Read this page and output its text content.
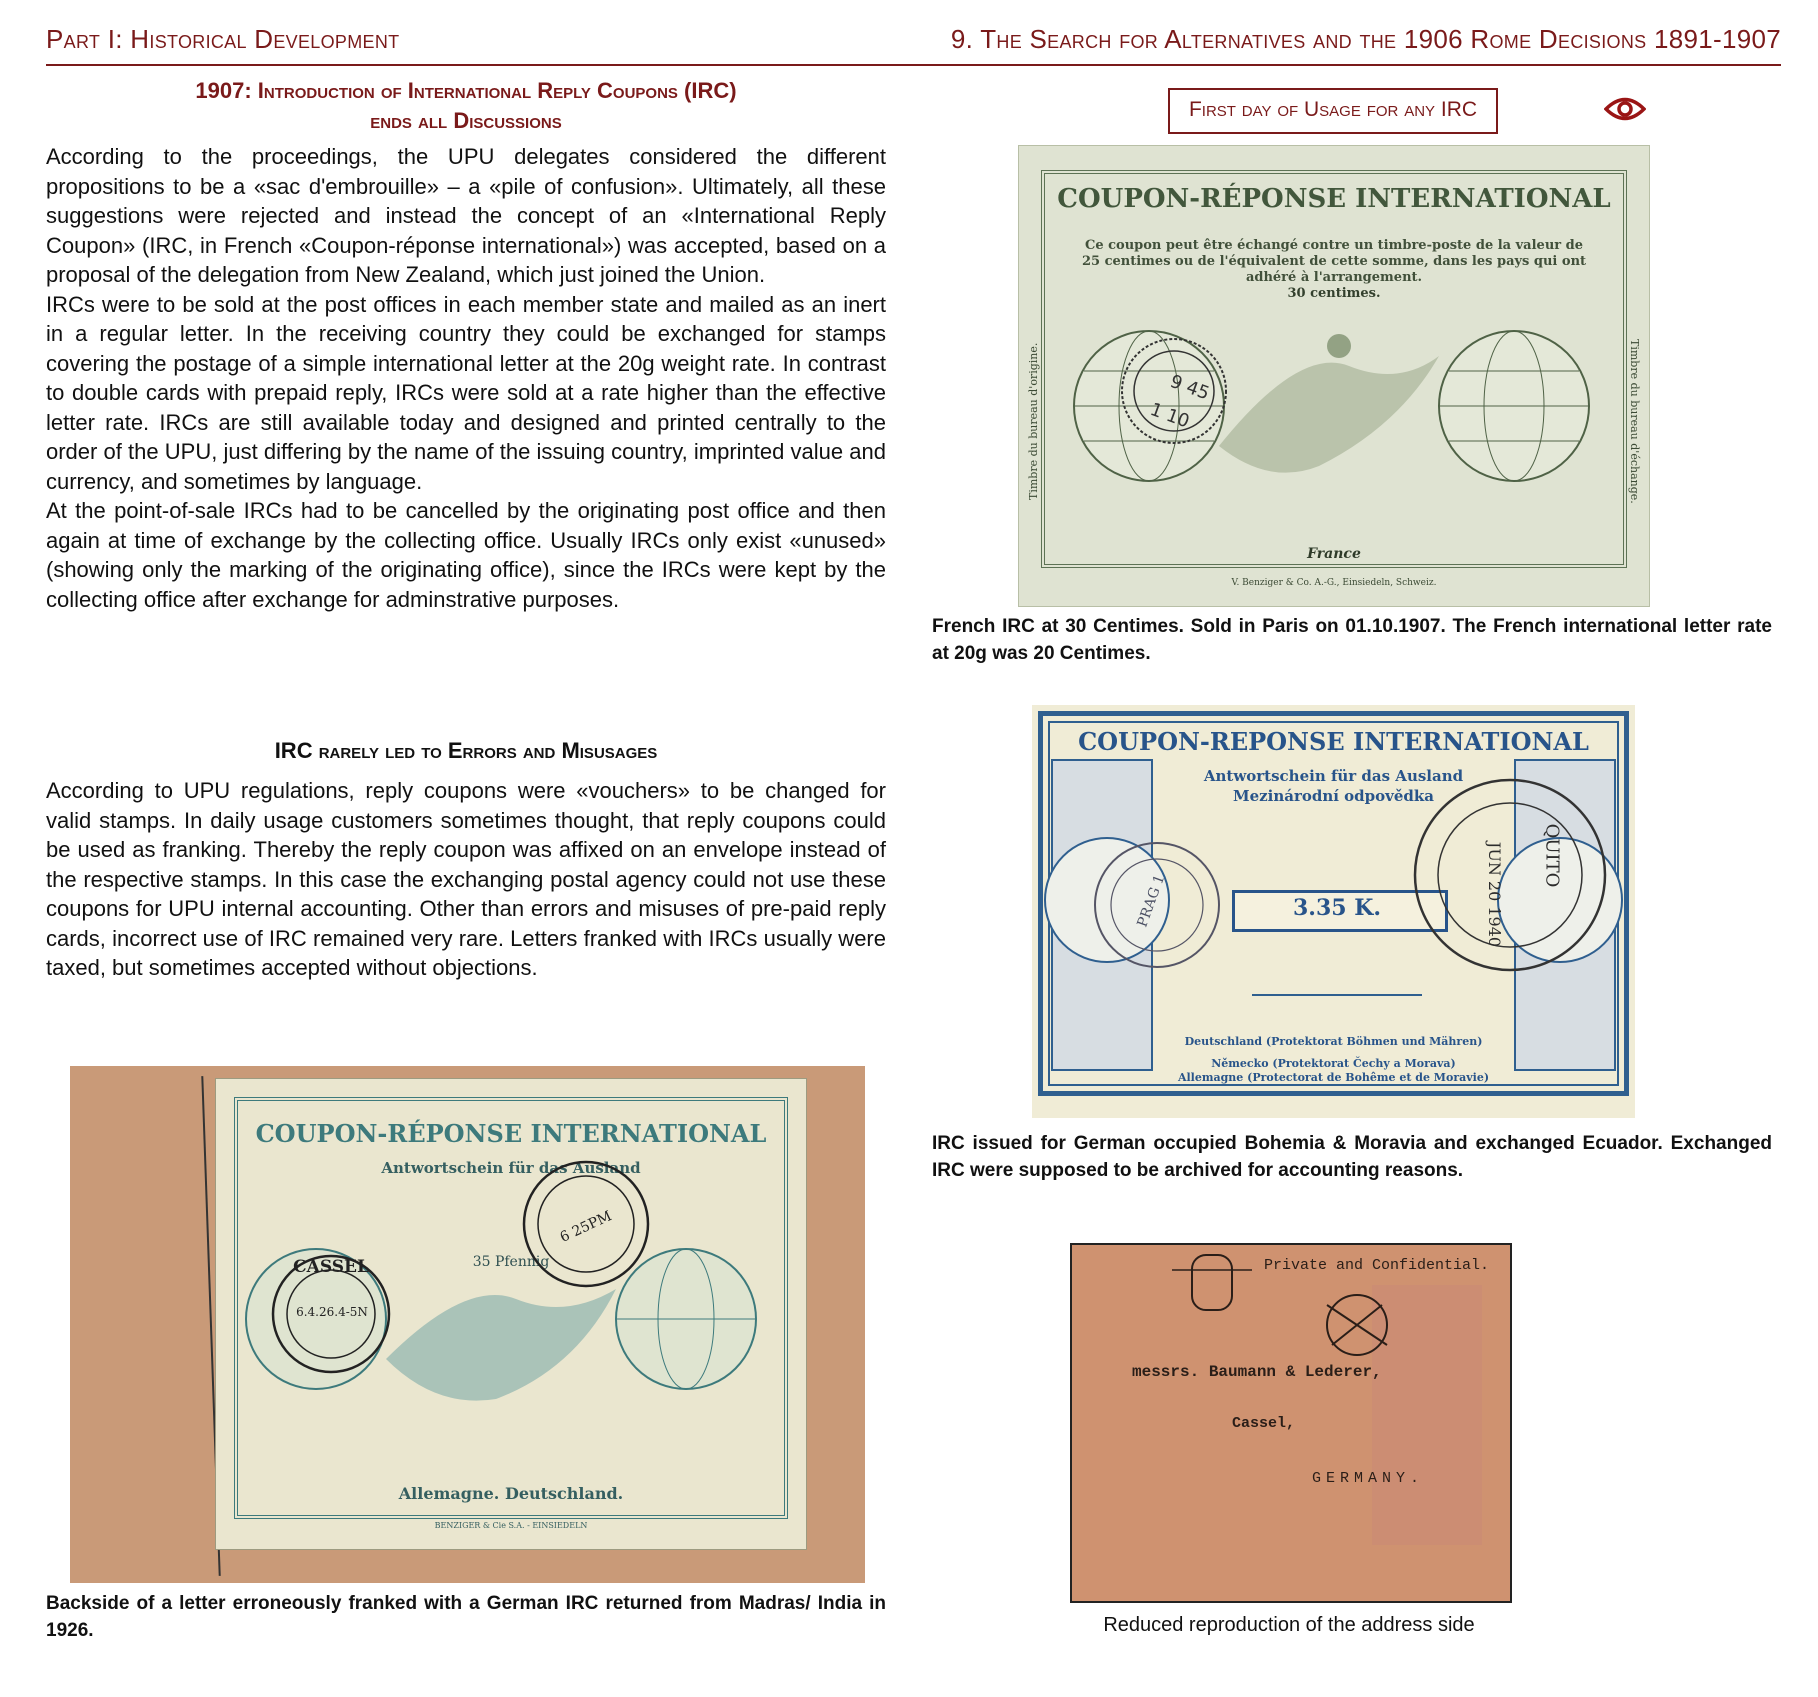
Part I: Historical Development	9. The Search for Alternatives and the 1906 Rome Decisions 1891-1907
1907: Introduction of International Reply Coupons (IRC)
ends all Discussions

According to the proceedings, the UPU delegates considered the different propositions to be a «sac d'embrouille» – a «pile of confusion». Ultimately, all these suggestions were rejected and instead the concept of an «International Reply Coupon» (IRC, in French «Coupon-réponse international») was accepted, based on a proposal of the delegation from New Zealand, which just joined the Union.

IRCs were to be sold at the post offices in each member state and mailed as an inert in a regular letter. In the receiving country they could be exchanged for stamps covering the postage of a simple international letter at the 20g weight rate. In contrast to double cards with prepaid reply, IRCs were sold at a rate higher than the effective letter rate. IRCs are still available today and designed and printed centrally to the order of the UPU, just differing by the name of the issuing country, imprinted value and currency, and sometimes by language.

At the point-of-sale IRCs had to be cancelled by the originating post office and then again at time of exchange by the collecting office. Usually IRCs only exist «unused» (showing only the marking of the originating office), since the IRCs were kept by the collecting office after exchange for adminstrative purposes.

IRC rarely led to Errors and Misusages

According to UPU regulations, reply coupons were «vouchers» to be changed for valid stamps. In daily usage customers sometimes thought, that reply coupons could be used as franking. Thereby the reply coupon was affixed on an envelope instead of the respective stamps. In this case the exchanging postal agency could not use these coupons for UPU internal accounting. Other than errors and misuses of pre-paid reply cards, incorrect use of IRC remained very rare. Letters franked with IRCs usually were taxed, but sometimes accepted without objections.

First day of Usage for any IRC
COUPON-RÉPONSE INTERNATIONAL
Ce coupon peut être échangé contre un timbre-poste de la valeur de 25 centimes ou de l'équivalent de cette somme, dans les pays qui ont adhéré à l'arrangement.
30 centimes.
9 45
1 10
Timbre du bureau d'origine.	Timbre du bureau d'échange.
France
V. Benziger & Co. A.-G., Einsiedeln, Schweiz.
French IRC at 30 Centimes. Sold in Paris on 01.10.1907. The French international letter rate at 20g was 20 Centimes.
COUPON-REPONSE INTERNATIONAL
Antwortschein für das Ausland
Mezinárodní odpovědka
3.35 K.
PRAG 1
QUITO
JUN 20 1940
Deutschland (Protektorat Böhmen und Mähren)
Německo (Protektorat Čechy a Morava)
Allemagne (Protectorat de Bohême et de Moravie)
IRC issued for German occupied Bohemia & Moravia and exchanged Ecuador. Exchanged IRC were supposed to be archived for accounting reasons.
COUPON-RÉPONSE INTERNATIONAL
Antwortschein für das Ausland
35 Pfennig
CASSEL
6.4.26.4-5N
6 25PM
Allemagne. Deutschland.
BENZIGER & Cie S.A. - EINSIEDELN
Backside of a letter erroneously franked with a German IRC returned from Madras/ India in 1926.
Private and Confidential.
messrs. Baumann & Lederer,
Cassel,
GERMANY.
Reduced reproduction of the address side
